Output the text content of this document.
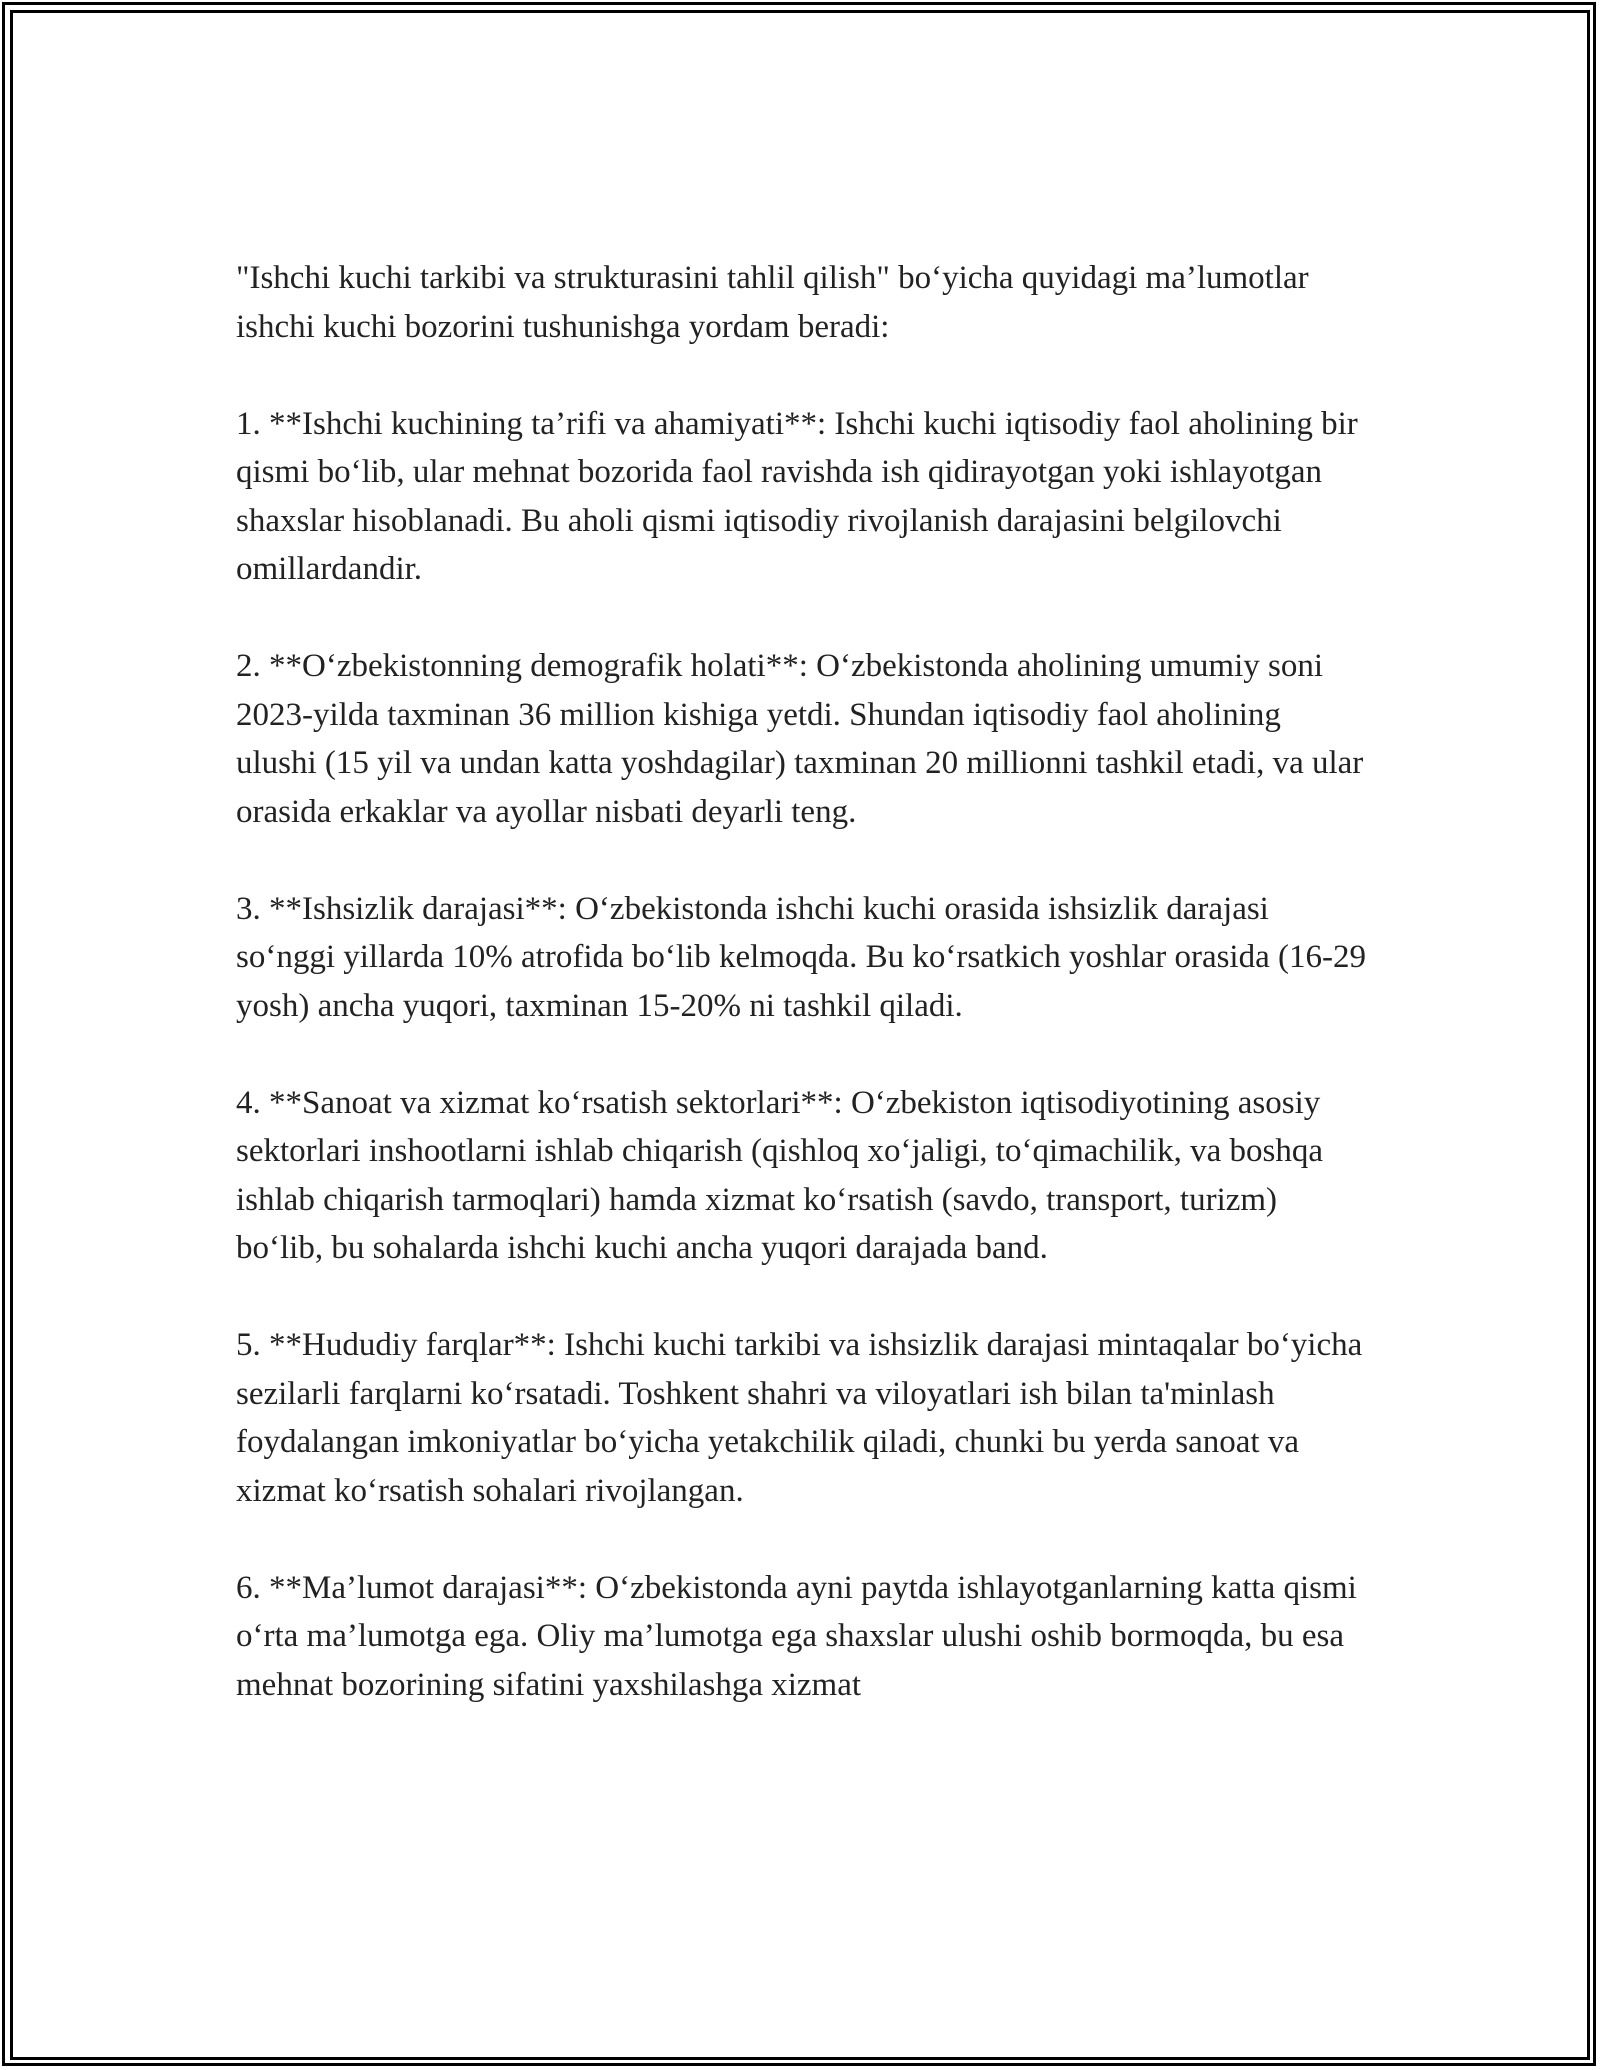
"Ishchi kuchi tarkibi va strukturasini tahlil qilish" bo‘yicha quyidagi ma’lumotlar ishchi kuchi bozorini tushunishga yordam beradi:

1. **Ishchi kuchining ta’rifi va ahamiyati**: Ishchi kuchi iqtisodiy faol aholining bir qismi bo‘lib, ular mehnat bozorida faol ravishda ish qidirayotgan yoki ishlayotgan shaxslar hisoblanadi. Bu aholi qismi iqtisodiy rivojlanish darajasini belgilovchi omillardandir.

2. **O‘zbekistonning demografik holati**: O‘zbekistonda aholining umumiy soni 2023-yilda taxminan 36 million kishiga yetdi. Shundan iqtisodiy faol aholining ulushi (15 yil va undan katta yoshdagilar) taxminan 20 millionni tashkil etadi, va ular orasida erkaklar va ayollar nisbati deyarli teng.

3. **Ishsizlik darajasi**: O‘zbekistonda ishchi kuchi orasida ishsizlik darajasi so‘nggi yillarda 10% atrofida bo‘lib kelmoqda. Bu ko‘rsatkich yoshlar orasida (16-29 yosh) ancha yuqori, taxminan 15-20% ni tashkil qiladi.

4. **Sanoat va xizmat ko‘rsatish sektorlari**: O‘zbekiston iqtisodiyotining asosiy sektorlari inshootlarni ishlab chiqarish (qishloq xo‘jaligi, to‘qimachilik, va boshqa ishlab chiqarish tarmoqlari) hamda xizmat ko‘rsatish (savdo, transport, turizm) bo‘lib, bu sohalarda ishchi kuchi ancha yuqori darajada band.

5. **Hududiy farqlar**: Ishchi kuchi tarkibi va ishsizlik darajasi mintaqalar bo‘yicha sezilarli farqlarni ko‘rsatadi. Toshkent shahri va viloyatlari ish bilan ta'minlash foydalangan imkoniyatlar bo‘yicha yetakchilik qiladi, chunki bu yerda sanoat va xizmat ko‘rsatish sohalari rivojlangan.

6. **Ma’lumot darajasi**: O‘zbekistonda ayni paytda ishlayotganlarning katta qismi o‘rta ma’lumotga ega. Oliy ma’lumotga ega shaxslar ulushi oshib bormoqda, bu esa mehnat bozorining sifatini yaxshilashga xizmat
